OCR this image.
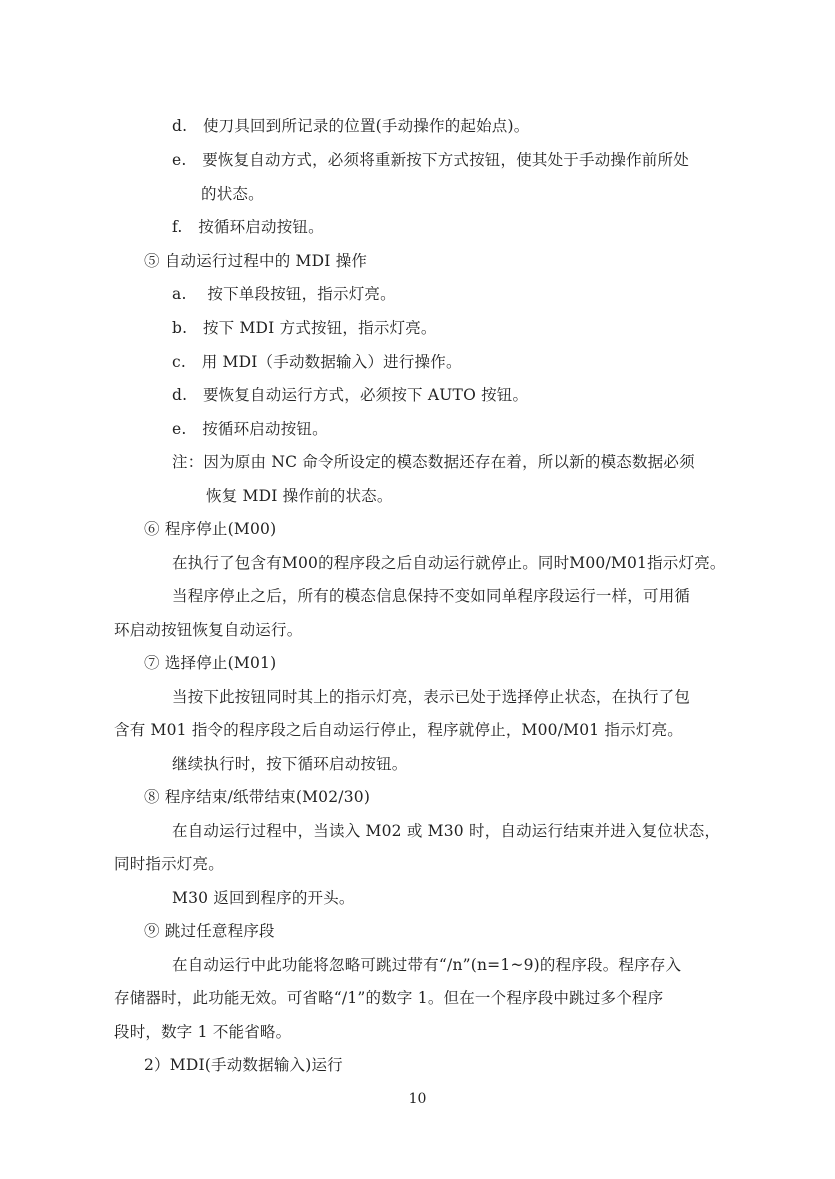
d.　使刀具回到所记录的位置(手动操作的起始点)。
e.　要恢复自动方式，必须将重新按下方式按钮，使其处于手动操作前所处
的状态。
f.　按循环启动按钮。
⑤ 自动运行过程中的 MDI 操作
a.　 按下单段按钮，指示灯亮。
b.　按下 MDI 方式按钮，指示灯亮。
c.　用 MDI（手动数据输入）进行操作。
d.　要恢复自动运行方式，必须按下 AUTO 按钮。
e.　按循环启动按钮。
注：因为原由 NC 命令所设定的模态数据还存在着，所以新的模态数据必须
恢复 MDI 操作前的状态。
⑥ 程序停止(M00)
在执行了包含有M00的程序段之后自动运行就停止。同时M00/M01指示灯亮。
当程序停止之后，所有的模态信息保持不变如同单程序段运行一样，可用循
环启动按钮恢复自动运行。
⑦ 选择停止(M01)
当按下此按钮同时其上的指示灯亮，表示已处于选择停止状态，在执行了包
含有 M01 指令的程序段之后自动运行停止，程序就停止，M00/M01 指示灯亮。
继续执行时，按下循环启动按钮。
⑧ 程序结束/纸带结束(M02/30)
在自动运行过程中，当读入 M02 或 M30 时，自动运行结束并进入复位状态，
同时指示灯亮。
M30 返回到程序的开头。
⑨ 跳过任意程序段
在自动运行中此功能将忽略可跳过带有“/n”(n=1~9)的程序段。程序存入
存储器时，此功能无效。可省略“/1”的数字 1。但在一个程序段中跳过多个程序
段时，数字 1 不能省略。
2）MDI(手动数据输入)运行
10
